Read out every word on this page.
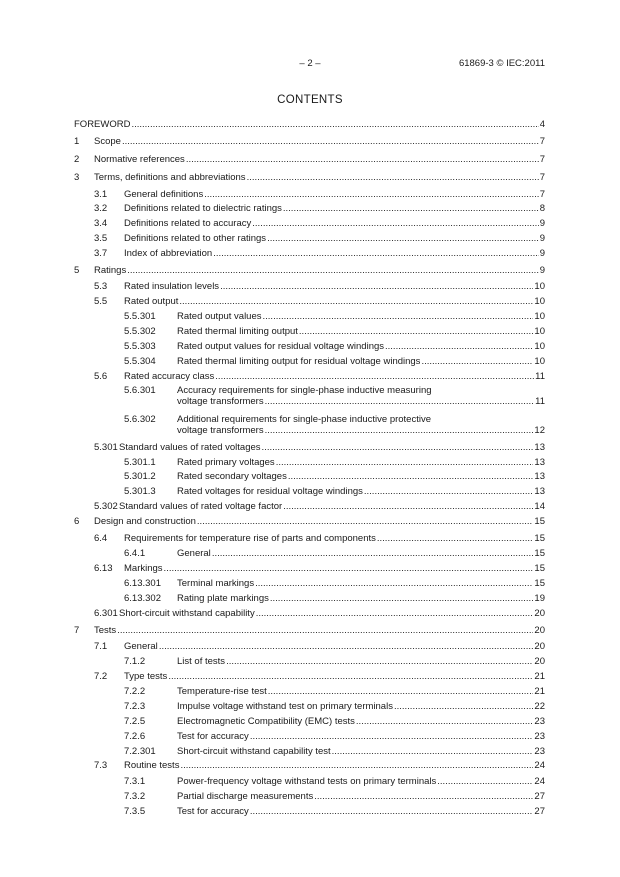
– 2 –	61869-3 © IEC:2011
CONTENTS
FOREWORD .....	4
1 Scope .....	7
2 Normative references .....	7
3 Terms, definitions and abbreviations .....	7
3.1 General definitions .....	7
3.2 Definitions related to dielectric ratings .....	8
3.4 Definitions related to accuracy .....	9
3.5 Definitions related to other ratings .....	9
3.7 Index of abbreviation .....	9
5 Ratings .....	9
5.3 Rated insulation levels .....	10
5.5 Rated output .....	10
5.5.301 Rated output values .....	10
5.5.302 Rated thermal limiting output .....	10
5.5.303 Rated output values for residual voltage windings .....	10
5.5.304 Rated thermal limiting output for residual voltage windings .....	10
5.6 Rated accuracy class .....	11
5.6.301 Accuracy requirements for single-phase inductive measuring
voltage transformers .....	11
5.6.302 Additional requirements for single-phase inductive protective
voltage transformers .....	12
5.301 Standard values of rated voltages .....	13
5.301.1 Rated primary voltages .....	13
5.301.2 Rated secondary voltages .....	13
5.301.3 Rated voltages for residual voltage windings .....	13
5.302 Standard values of rated voltage factor .....	14
6 Design and construction .....	15
6.4 Requirements for temperature rise of parts and components .....	15
6.4.1	General .....	15
6.13 Markings .....	15
6.13.301 Terminal markings .....	15
6.13.302 Rating plate markings .....	19
6.301 Short-circuit withstand capability .....	20
7 Tests .....	20
7.1 General .....	20
7.1.2	List of tests .....	20
7.2 Type tests .....	21
7.2.2	Temperature-rise test .....	21
7.2.3	Impulse voltage withstand test on primary terminals .....	22
7.2.5	Electromagnetic Compatibility (EMC) tests .....	23
7.2.6	Test for accuracy .....	23
7.2.301 Short-circuit withstand capability test .....	23
7.3 Routine tests .....	24
7.3.1	Power-frequency voltage withstand tests on primary terminals .....	24
7.3.2	Partial discharge measurements .....	27
7.3.5	Test for accuracy .....	27
